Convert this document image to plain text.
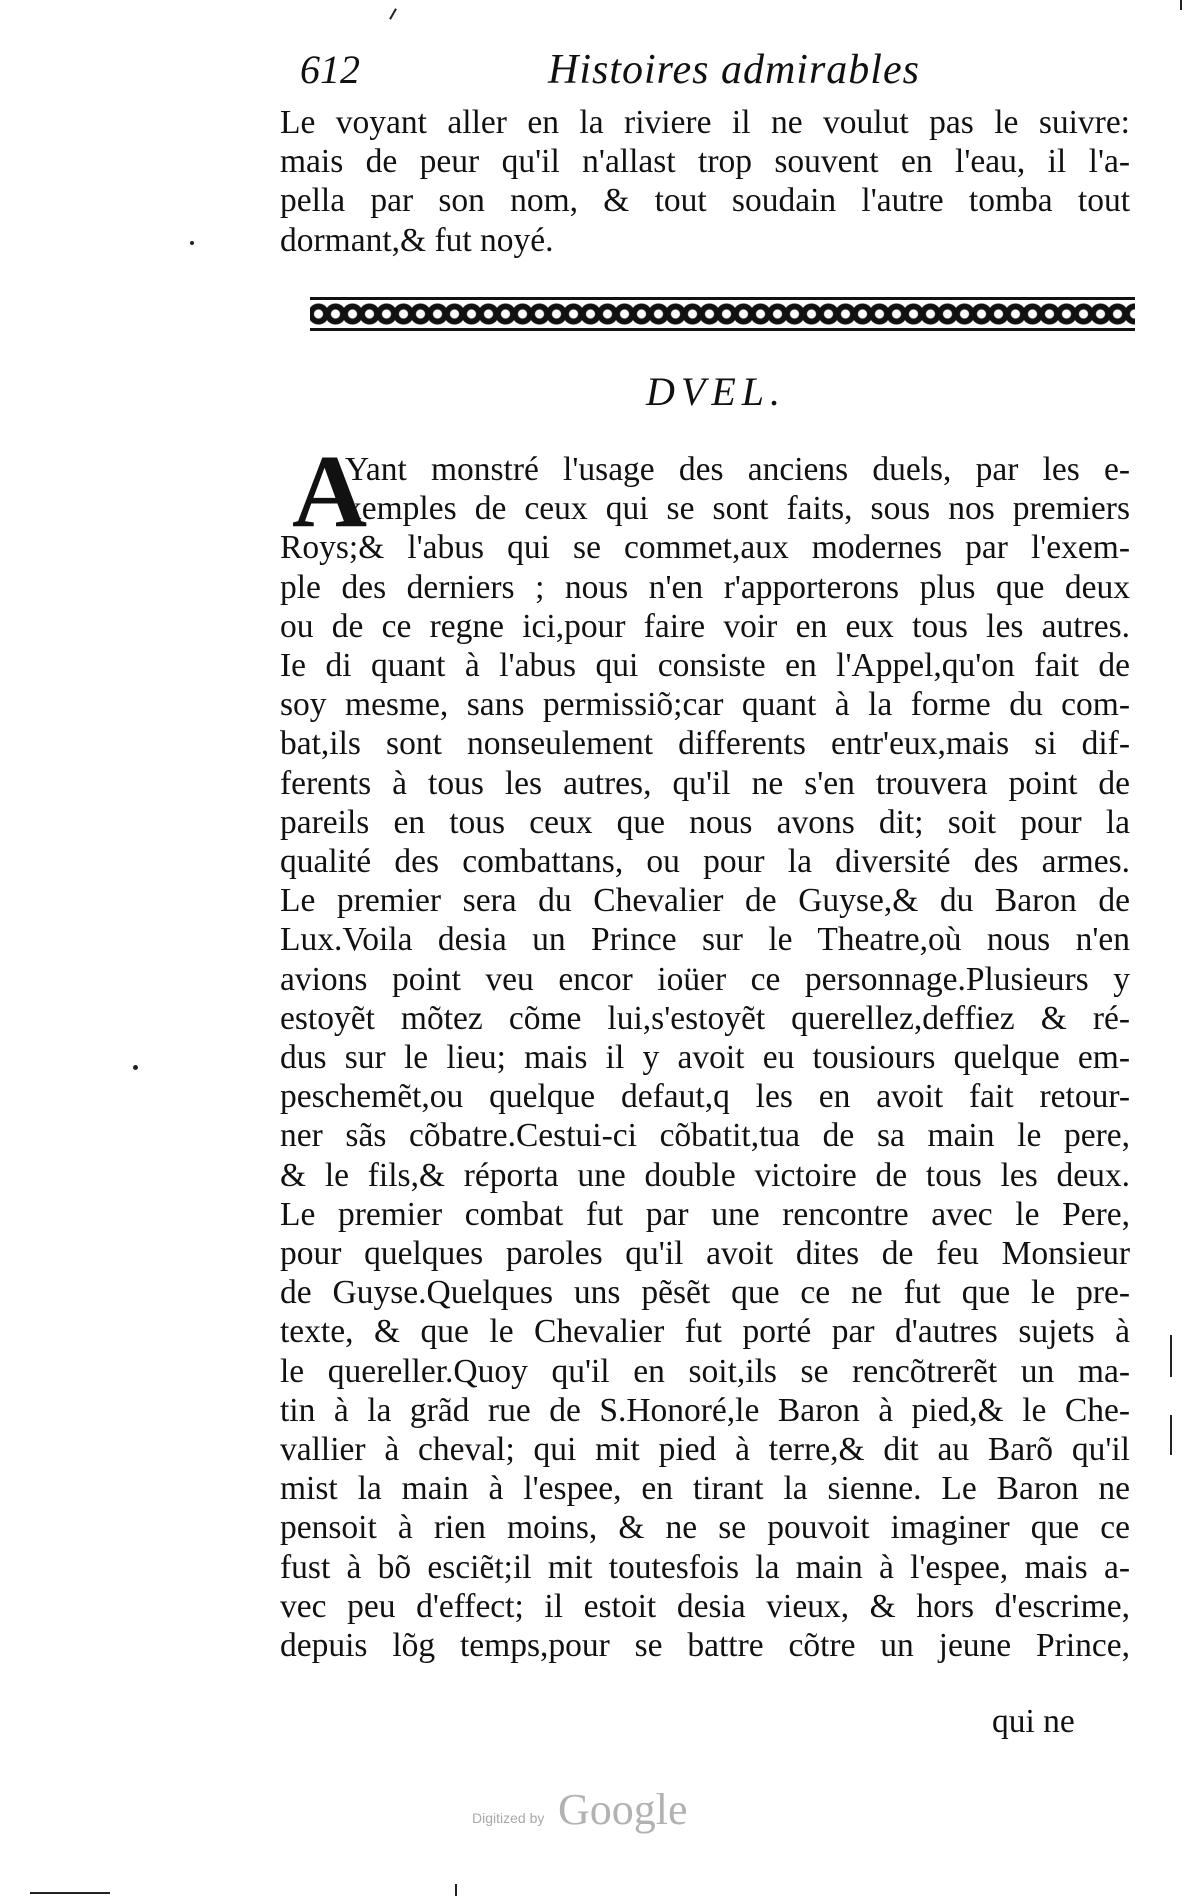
612	Histoires admirables
Le voyant aller en la riviere il ne voulut pas le suivre:
mais de peur qu'il n'allast trop souvent en l'eau, il l'a-
pella par son nom, & tout soudain l'autre tomba tout
dormant,& fut noyé.
DVEL.
A
Yant monstré l'usage des anciens duels, par les e-
xemples de ceux qui se sont faits, sous nos premiers
Roys;& l'abus qui se commet,aux modernes par l'exem-
ple des derniers ; nous n'en r'apporterons plus que deux
ou de ce regne ici,pour faire voir en eux tous les autres.
Ie di quant à l'abus qui consiste en l'Appel,qu'on fait de
soy mesme, sans permissiõ;car quant à la forme du com-
bat,ils sont nonseulement differents entr'eux,mais si dif-
ferents à tous les autres, qu'il ne s'en trouvera point de
pareils en tous ceux que nous avons dit; soit pour la
qualité des combattans, ou pour la diversité des armes.
Le premier sera du Chevalier de Guyse,& du Baron de
Lux.Voila desia un Prince sur le Theatre,où nous n'en
avions point veu encor ioüer ce personnage.Plusieurs y
estoyẽt mõtez cõme lui,s'estoyẽt querellez,deffiez & ré-
dus sur le lieu; mais il y avoit eu tousiours quelque em-
peschemẽt,ou quelque defaut,q les en avoit fait retour-
ner sãs cõbatre.Cestui-ci cõbatit,tua de sa main le pere,
& le fils,& réporta une double victoire de tous les deux.
Le premier combat fut par une rencontre avec le Pere,
pour quelques paroles qu'il avoit dites de feu Monsieur
de Guyse.Quelques uns pẽsẽt que ce ne fut que le pre-
texte, & que le Chevalier fut porté par d'autres sujets à
le quereller.Quoy qu'il en soit,ils se rencõtrerẽt un ma-
tin à la grãd rue de S.Honoré,le Baron à pied,& le Che-
vallier à cheval; qui mit pied à terre,& dit au Barõ qu'il
mist la main à l'espee, en tirant la sienne. Le Baron ne
pensoit à rien moins, & ne se pouvoit imaginer que ce
fust à bõ esciẽt;il mit toutesfois la main à l'espee, mais a-
vec peu d'effect; il estoit desia vieux, & hors d'escrime,
depuis lõg temps,pour se battre cõtre un jeune Prince,
qui ne
Digitized by Google
